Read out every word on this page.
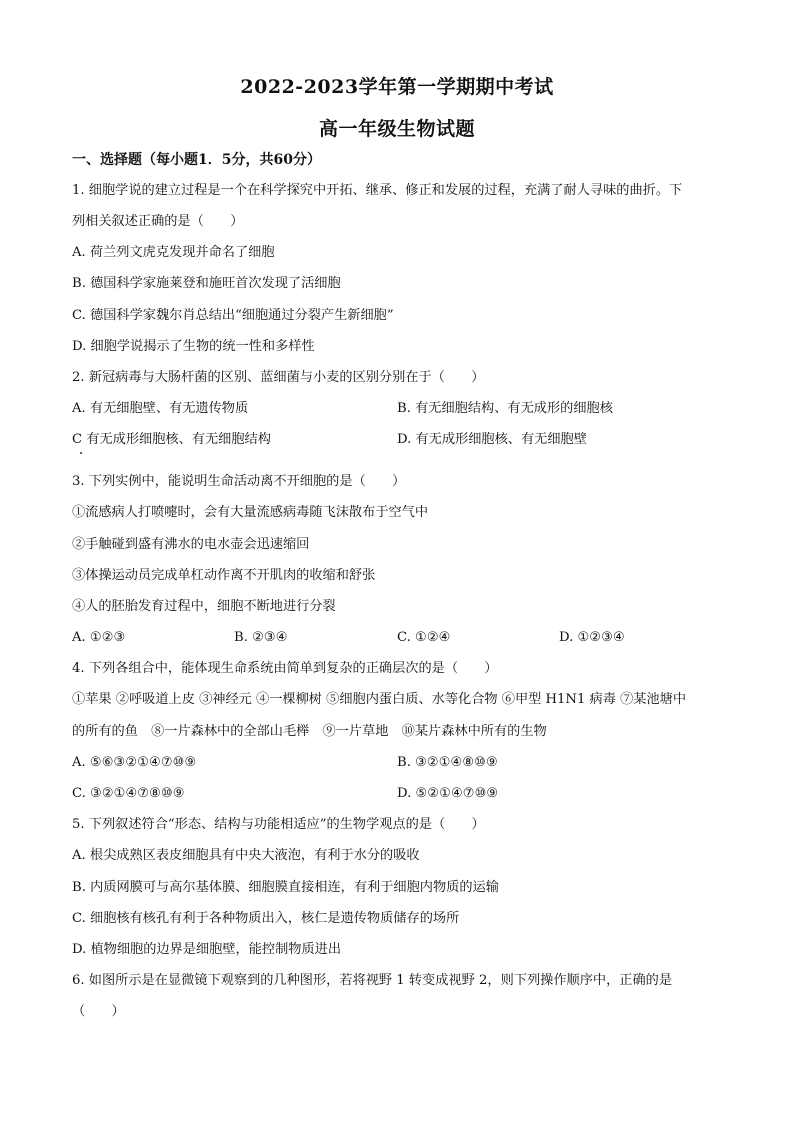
2022-2023学年第一学期期中考试
高一年级生物试题
一、选择题（每小题1．5分，共60分）
1. 细胞学说的建立过程是一个在科学探究中开拓、继承、修正和发展的过程，充满了耐人寻味的曲折。下
列相关叙述正确的是（　　）
A. 荷兰列文虎克发现并命名了细胞
B. 德国科学家施莱登和施旺首次发现了活细胞
C. 德国科学家魏尔肖总结出“细胞通过分裂产生新细胞”
D. 细胞学说揭示了生物的统一性和多样性
2. 新冠病毒与大肠杆菌的区别、蓝细菌与小麦的区别分别在于（　　）
A. 有无细胞壁、有无遗传物质	B. 有无细胞结构、有无成形的细胞核
C 有无成形细胞核、有无细胞结构	D. 有无成形细胞核、有无细胞壁
3. 下列实例中，能说明生命活动离不开细胞的是（　　）
①流感病人打喷嚏时，会有大量流感病毒随飞沫散布于空气中
②手触碰到盛有沸水的电水壶会迅速缩回
③体操运动员完成单杠动作离不开肌肉的收缩和舒张
④人的胚胎发育过程中，细胞不断地进行分裂
A. ①②③	B. ②③④	C. ①②④	D. ①②③④
4. 下列各组合中，能体现生命系统由简单到复杂的正确层次的是（　　）
①苹果 ②呼吸道上皮 ③神经元 ④一棵柳树 ⑤细胞内蛋白质、水等化合物 ⑥甲型 H1N1 病毒 ⑦某池塘中
的所有的鱼　⑧一片森林中的全部山毛榉　⑨一片草地　⑩某片森林中所有的生物
A. ⑤⑥③②①④⑦⑩⑨	B. ③②①④⑧⑩⑨
C. ③②①④⑦⑧⑩⑨	D. ⑤②①④⑦⑩⑨
5. 下列叙述符合“形态、结构与功能相适应”的生物学观点的是（　　）
A. 根尖成熟区表皮细胞具有中央大液泡，有利于水分的吸收
B. 内质网膜可与高尔基体膜、细胞膜直接相连，有利于细胞内物质的运输
C. 细胞核有核孔有利于各种物质出入，核仁是遗传物质储存的场所
D. 植物细胞的边界是细胞壁，能控制物质进出
6. 如图所示是在显微镜下观察到的几种图形，若将视野 1 转变成视野 2，则下列操作顺序中，正确的是
（　　）
